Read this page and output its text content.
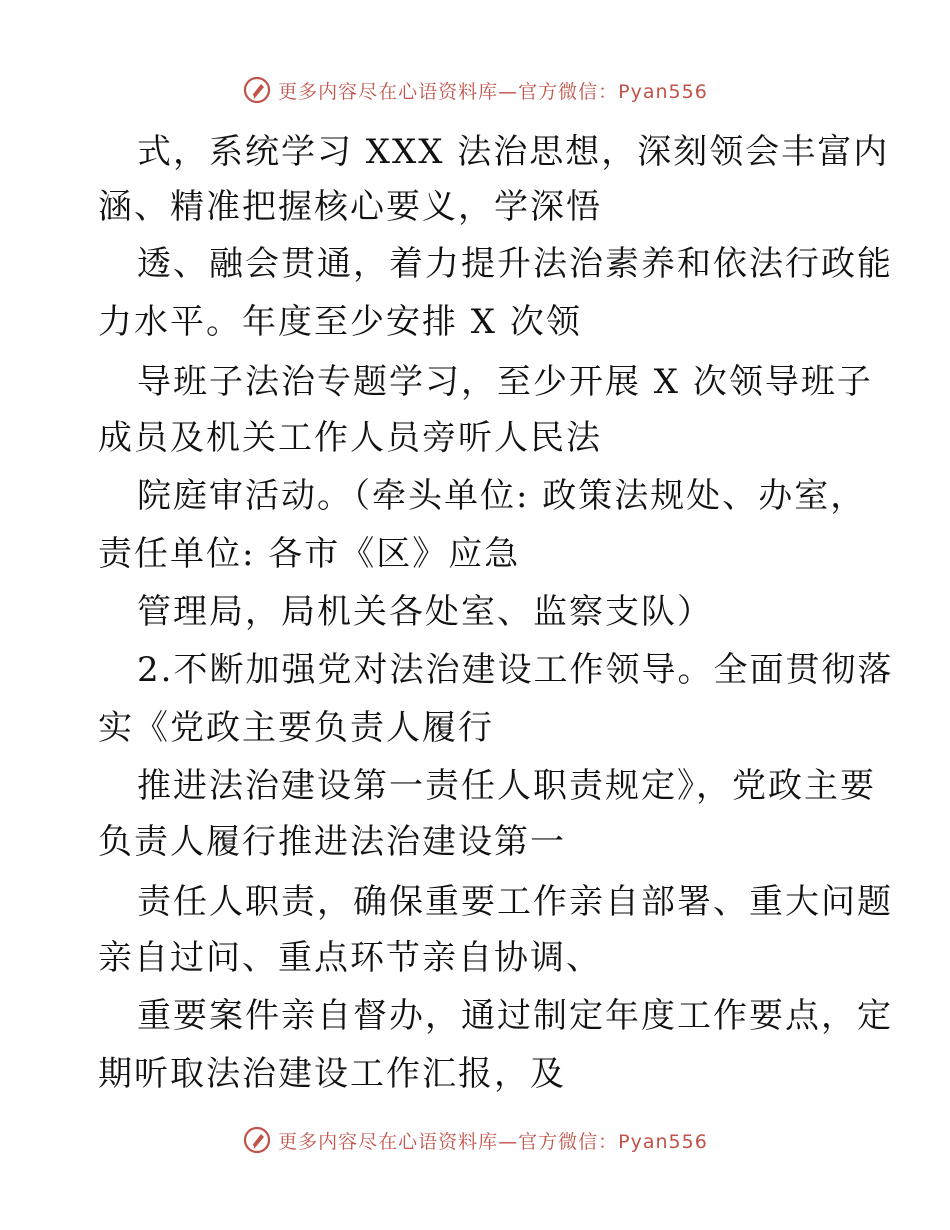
更多内容尽在心语资料库 —官方微信：Pyan556
式，系统学习 XXX 法治思想，深刻领会丰富内
涵、精准把握核心要义，学深悟
透、融会贯通，着力提升法治素养和依法行政能
力水平。年度至少安排 X 次领
导班子法治专题学习，至少开展 X 次领导班子
成员及机关工作人员旁听人民法
院庭审活动。（牵头单位: 政策法规处、办室，
责任单位: 各市《区》应急
管理局，局机关各处室、监察支队）
2.不断加强党对法治建设工作领导。全面贯彻落
实《党政主要负责人履行
推进法治建设第一责任人职责规定》，党政主要
负责人履行推进法治建设第一
责任人职责，确保重要工作亲自部署、重大问题
亲自过问、重点环节亲自协调、
重要案件亲自督办，通过制定年度工作要点，定
期听取法治建设工作汇报，及
更多内容尽在心语资料库 —官方微信：Pyan556
